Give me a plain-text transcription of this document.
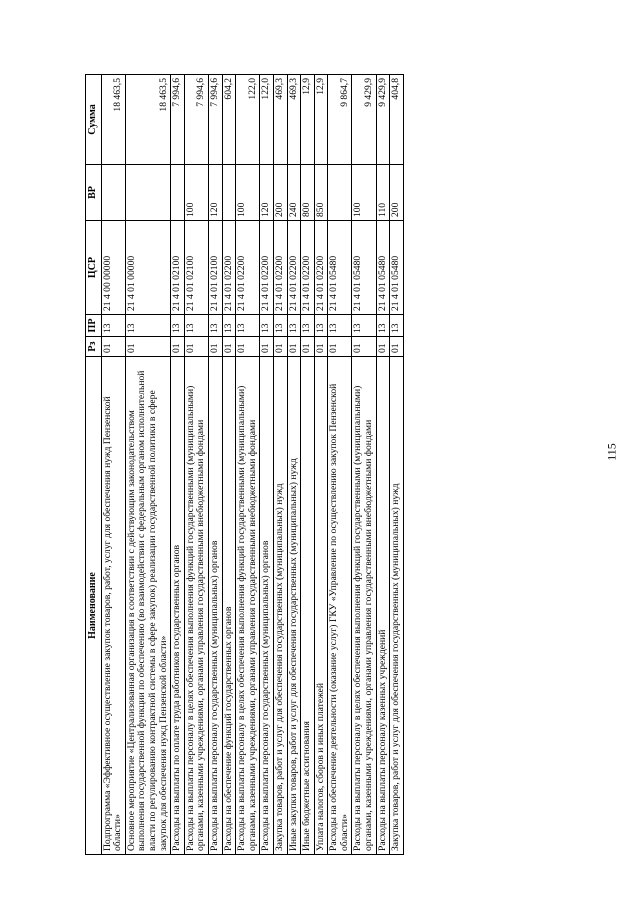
115
Наименование	Рз	ПР	ЦСР	ВР	Сумма
Подпрограмма «Эффективное осуществление закупок товаров, работ, услуг для обеспечения нужд Пензенской области»	01	13	21 4 00 00000		18 463,5
Основное мероприятие «Централизованная организация в соответствии с действующим законодательством выполнения государственной функции по обеспечению (во взаимодействии с федеральным органом исполнительной власти по регулированию контрактной системы в сфере закупок) реализации государственной политики в сфере закупок для обеспечения нужд Пензенской области»	01	13	21 4 01 00000		18 463,5
Расходы на выплаты по оплате труда работников государственных органов	01	13	21 4 01 02100		7 994,6
Расходы на выплаты персоналу в целях обеспечения выполнения функций государственными (муниципальными) органами, казенными учреждениями, органами управления государственными внебюджетными фондами	01	13	21 4 01 02100	100	7 994,6
Расходы на выплаты персоналу государственных (муниципальных) органов	01	13	21 4 01 02100	120	7 994,6
Расходы на обеспечение функций государственных органов	01	13	21 4 01 02200		604,2
Расходы на выплаты персоналу в целях обеспечения выполнения функций государственными (муниципальными) органами, казенными учреждениями, органами управления государственными внебюджетными фондами	01	13	21 4 01 02200	100	122,0
Расходы на выплаты персоналу государственных (муниципальных) органов	01	13	21 4 01 02200	120	122,0
Закупка товаров, работ и услуг для обеспечения государственных (муниципальных) нужд	01	13	21 4 01 02200	200	469,3
Иные закупки товаров, работ и услуг для обеспечения государственных (муниципальных) нужд	01	13	21 4 01 02200	240	469,3
Иные бюджетные ассигнования	01	13	21 4 01 02200	800	12,9
Уплата налогов, сборов и иных платежей	01	13	21 4 01 02200	850	12,9
Расходы на обеспечение деятельности (оказание услуг) ГКУ «Управление по осуществлению закупок Пензенской области»	01	13	21 4 01 05480		9 864,7
Расходы на выплаты персоналу в целях обеспечения выполнения функций государственными (муниципальными) органами, казенными учреждениями, органами управления государственными внебюджетными фондами	01	13	21 4 01 05480	100	9 429,9
Расходы на выплаты персоналу казенных учреждений	01	13	21 4 01 05480	110	9 429,9
Закупка товаров, работ и услуг для обеспечения государственных (муниципальных) нужд	01	13	21 4 01 05480	200	404,8
